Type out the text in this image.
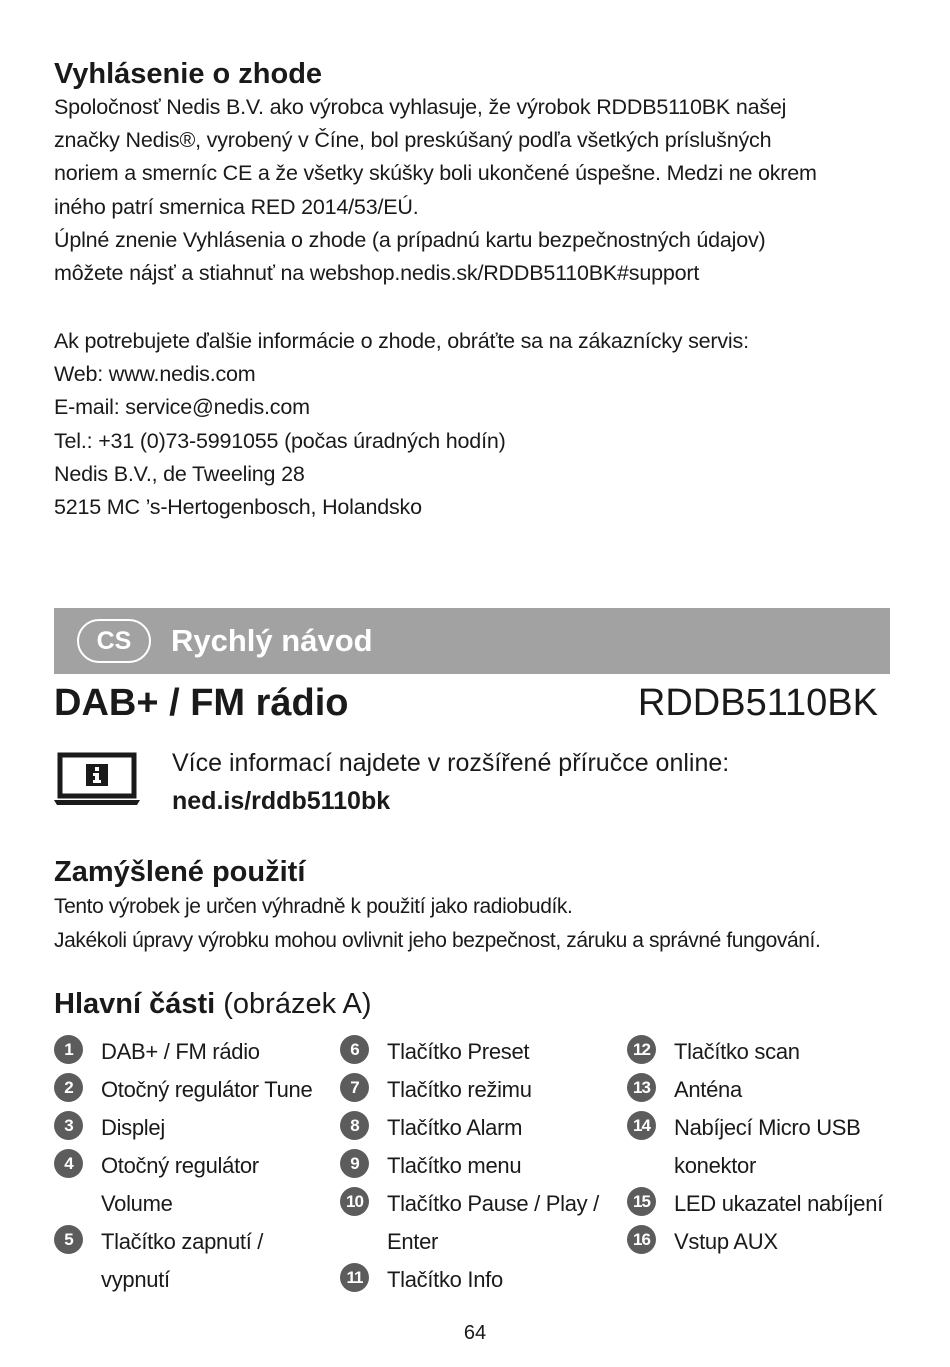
Vyhlásenie o zhode

Spoločnosť Nedis B.V. ako výrobca vyhlasuje, že výrobok RDDB5110BK našej

značky Nedis®, vyrobený v Číne, bol preskúšaný podľa všetkých príslušných

noriem a smerníc CE a že všetky skúšky boli ukončené úspešne. Medzi ne okrem

iného patrí smernica RED 2014/53/EÚ.

Úplné znenie Vyhlásenia o zhode (a prípadnú kartu bezpečnostných údajov)

môžete nájsť a stiahnuť na webshop.nedis.sk/RDDB5110BK#support

Ak potrebujete ďalšie informácie o zhode, obráťte sa na zákaznícky servis:

Web: www.nedis.com

E-mail: service@nedis.com

Tel.: +31 (0)73-5991055 (počas úradných hodín)

Nedis B.V., de Tweeling 28

5215 MC ’s-Hertogenbosch, Holandsko

CS	Rychlý návod
DAB+ / FM rádio	RDDB5110BK
Více informací najdete v rozšířené příručce online:
ned.is/rddb5110bk
Zamýšlené použití
Tento výrobek je určen výhradně k použití jako radiobudík.
Jakékoli úpravy výrobku mohou ovlivnit jeho bezpečnost, záruku a správné fungování.
Hlavní části (obrázek A)
1	DAB+ / FM rádio
2	Otočný regulátor Tune
3	Displej
4	Otočný regulátor Volume
5	Tlačítko zapnutí / vypnutí
6	Tlačítko Preset
7	Tlačítko režimu
8	Tlačítko Alarm
9	Tlačítko menu
10 Tlačítko Pause / Play / Enter
11 Tlačítko Info
12 Tlačítko scan
13 Anténa
14 Nabíjecí Micro USB konektor
15 LED ukazatel nabíjení
16 Vstup AUX
64
